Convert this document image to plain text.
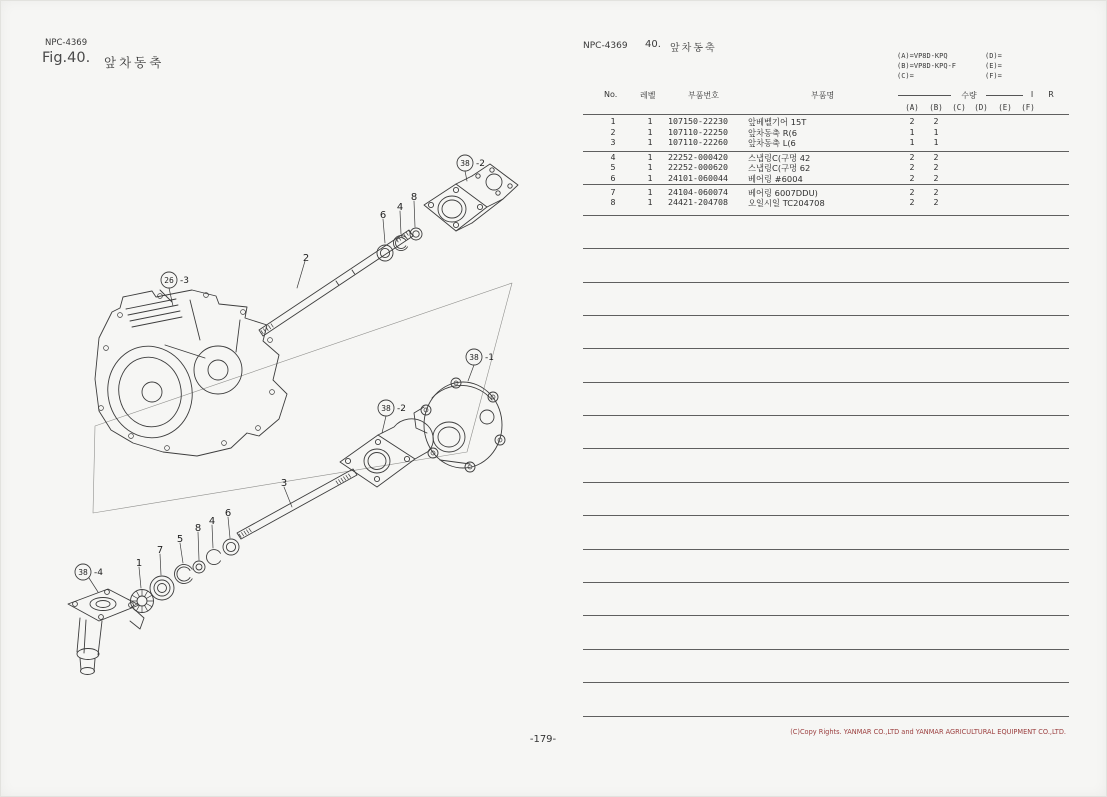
NPC-4369
Fig.40. 앞차동축
NPC-4369 40. 앞차동축
(A)=VP8D-KPQ
(B)=VP8D-KPQ-F
(C)=
(D)=
(E)=
(F)=
No.	레벨	부품번호	부품명	수량	I	R
(A)	(B)	(C)	(D)	(E)	(F)
1	1	107150-22230	앞베벨기어 15T	2	2
2	1	107110-22250	앞차동축 R(6	1	1
3	1	107110-22260	앞차동축 L(6	1	1
4	1	22252-000420	스냅링C(구멍 42	2	2
5	1	22252-000620	스냅링C(구멍 62	2	2
6	1	24101-060044	베어링 #6004	2	2
7	1	24104-060074	베어링 6007DDU)	2	2
8	1	24421-204708	오일시일 TC204708	2	2
-179-
(C)Copy Rights. YANMAR CO.,LTD and YANMAR AGRICULTURAL EQUIPMENT CO.,LTD.
38
26
38
38
38
-2
-3
-1
-2
-4
2
6
4
8
3
6
4
8
5
7
1
